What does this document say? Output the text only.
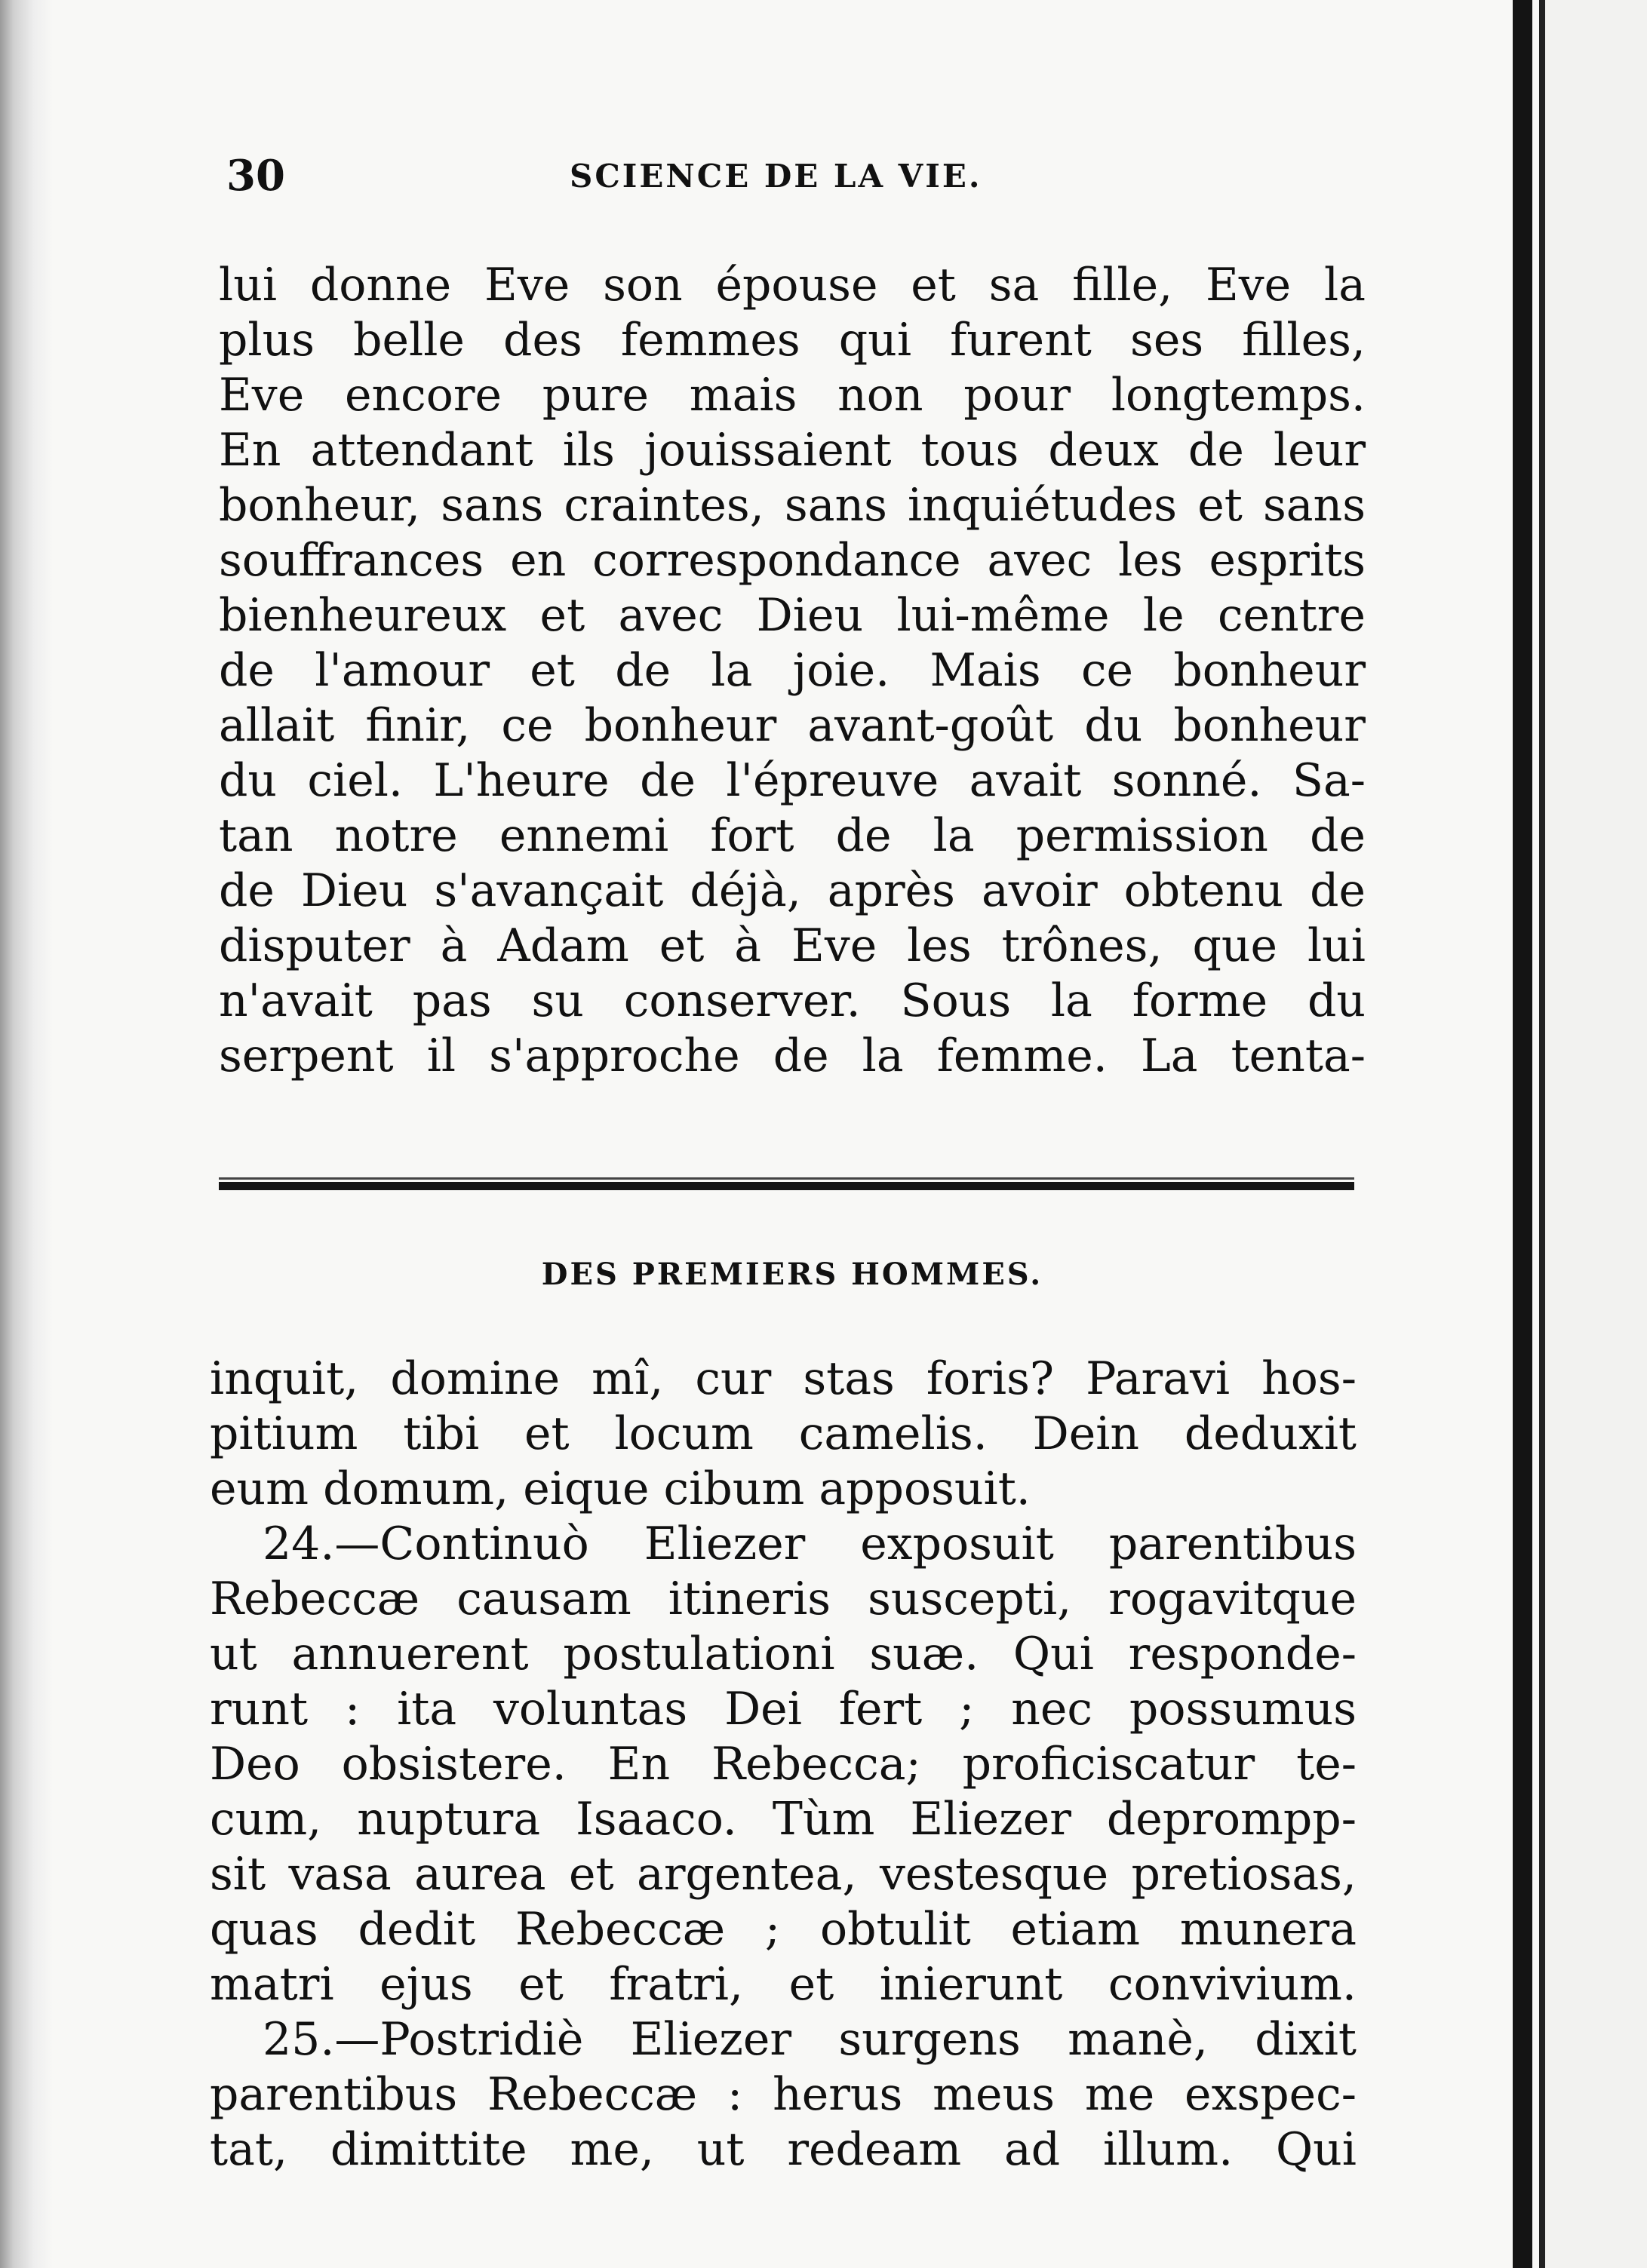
30	SCIENCE DE LA VIE.
lui donne Eve son épouse et sa fille, Eve la
plus belle des femmes qui furent ses filles,
Eve encore pure mais non pour longtemps.
En attendant ils jouissaient tous deux de leur
bonheur, sans craintes, sans inquiétudes et sans
souffrances en correspondance avec les esprits
bienheureux et avec Dieu lui-même le centre
de l'amour et de la joie. Mais ce bonheur
allait finir, ce bonheur avant-goût du bonheur
du ciel. L'heure de l'épreuve avait sonné. Sa-
tan notre ennemi fort de la permission de
de Dieu s'avançait déjà, après avoir obtenu de
disputer à Adam et à Eve les trônes, que lui
n'avait pas su conserver. Sous la forme du
serpent il s'approche de la femme. La tenta-
DES PREMIERS HOMMES.
inquit, domine mî, cur stas foris? Paravi hos-
pitium tibi et locum camelis. Dein deduxit
eum domum, eique cibum apposuit.
24.—Continuò Eliezer exposuit parentibus
Rebeccæ causam itineris suscepti, rogavitque
ut annuerent postulationi suæ. Qui responde-
runt : ita voluntas Dei fert ; nec possumus
Deo obsistere. En Rebecca; proficiscatur te-
cum, nuptura Isaaco. Tùm Eliezer deprompp-
sit vasa aurea et argentea, vestesque pretiosas,
quas dedit Rebeccæ ; obtulit etiam munera
matri ejus et fratri, et inierunt convivium.
25.—Postridiè Eliezer surgens manè, dixit
parentibus Rebeccæ : herus meus me exspec-
tat, dimittite me, ut redeam ad illum. Qui
